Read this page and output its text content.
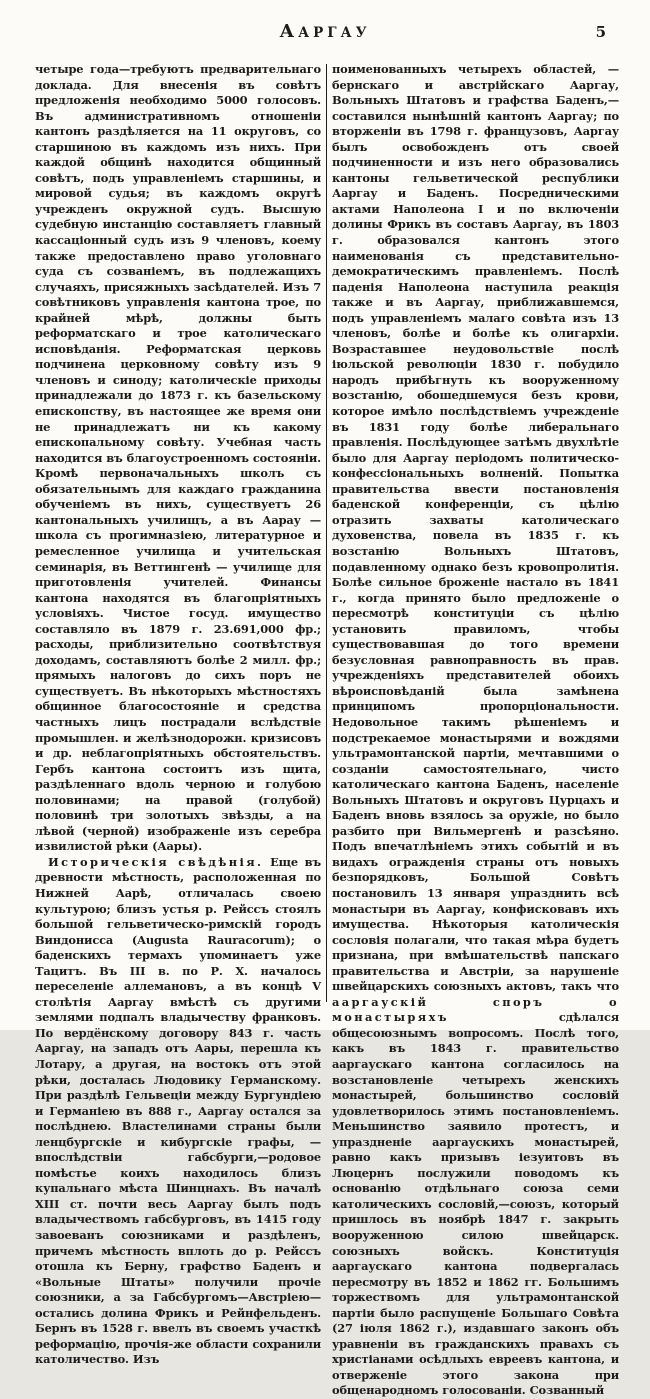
ААРГАУ	5

четыре года—требуютъ предварительнаго доклада. Для внесенія въ совѣтъ предложенія необходимо 5000 голосовъ. Въ административномъ отношеніи кантонъ раздѣляется на 11 округовъ, со старшиною въ каждомъ изъ нихъ. При каждой общинѣ находится общинный совѣтъ, подъ управленіемъ старшины, и мировой судья; въ каждомъ округѣ учрежденъ окружной судъ. Высшую судебную инстанцію составляетъ главный кассаціонный судъ изъ 9 членовъ, коему также предоставлено право уголовнаго суда съ созваніемъ, въ подлежащихъ случаяхъ, присяжныхъ засѣдателей. Изъ 7 совѣтниковъ управленія кантона трое, по крайней мѣрѣ, должны быть реформатскаго и трое католическаго исповѣданія. Реформатская церковь подчинена церковному совѣту изъ 9 членовъ и синоду; католическіе приходы принадлежали до 1873 г. къ базельскому епископству, въ настоящее же время они не принадлежатъ ни къ какому епископальному совѣту. Учебная часть находится въ благоустроенномъ состояніи. Кромѣ первоначальныхъ школъ съ обязательнымъ для каждаго гражданина обученіемъ въ нихъ, существуетъ 26 кантональныхъ училищъ, а въ Аарау — школа съ прогимназіею, литературное и ремесленное училища и учительская семинарія, въ Веттингенѣ — училище для приготовленія учителей. Финансы кантона находятся въ благопріятныхъ условіяхъ. Чистое госуд. имущество составляло въ 1879 г. 23.691,000 фр.; расходы, приблизительно соотвѣтствуя доходамъ, составляютъ болѣе 2 милл. фр.; прямыхъ налоговъ до сихъ поръ не существуетъ. Въ нѣкоторыхъ мѣстностяхъ общинное благосостояніе и средства частныхъ лицъ пострадали вслѣдствіе промышлен. и желѣзнодорожн. кризисовъ и др. неблагопріятныхъ обстоятельствъ. Гербъ кантона состоитъ изъ щита, раздѣленнаго вдоль черною и голубою половинами; на правой (голубой) половинѣ три золотыхъ звѣзды, а на лѣвой (черной) изображеніе изъ серебра извилистой рѣки (Аары).

Историческія свѣдѣнія. Еще въ древности мѣстность, расположенная по Нижней Аарѣ, отличалась своею культурою; близъ устья р. Рейссъ стоялъ большой гельветическо-римскій городъ Виндонисса (Augusta Rauracorum); о баденскихъ термахъ упоминаетъ уже Тацитъ. Въ III в. по Р. Х. началось переселеніе аллемановъ, а въ концѣ V столѣтія Ааргау вмѣстѣ съ другими землями подпалъ владычеству франковъ. По вердёнскому договору 843 г. часть Ааргау, на западъ отъ Аары, перешла къ Лотару, а другая, на востокъ отъ этой рѣки, досталась Людовику Германскому. При раздѣлѣ Гельвеціи между Бургундіею и Германіею въ 888 г., Ааргау остался за послѣднею. Властелинами страны были ленцбургскіе и кибургскіе графы, — впослѣдствіи габсбурги,—родовое помѣстье коихъ находилось близъ купальнаго мѣста Шинцнахъ. Въ началѣ XIII ст. почти весь Ааргау былъ подъ владычествомъ габсбурговъ, въ 1415 году завоеванъ союзниками и раздѣленъ, причемъ мѣстность вплоть до р. Рейссъ отошла къ Берну, графство Баденъ и «Вольные Штаты» получили прочіе союзники, а за Габсбургомъ—Австріею—остались долина Фрикъ и Рейнфельденъ. Бернъ въ 1528 г. ввелъ въ своемъ участкѣ реформацію, прочія-же области сохранили католичество. Изъ

поименованныхъ четырехъ областей, — бернскаго и австрійскаго Ааргау, Вольныхъ Штатовъ и графства Баденъ,—составился нынѣшній кантонъ Ааргау; по вторженіи въ 1798 г. французовъ, Ааргау былъ освобожденъ отъ своей подчиненности и изъ него образовались кантоны гельветической республики Ааргау и Баденъ. Посредническими актами Наполеона I и по включеніи долины Фрикъ въ составъ Ааргау, въ 1803 г. образовался кантонъ этого наименованія съ представительно-демократическимъ правленіемъ. Послѣ паденія Наполеона наступила реакція также и въ Ааргау, приближавшемся, подъ управленіемъ малаго совѣта изъ 13 членовъ, болѣе и болѣе къ олигархіи. Возраставшее неудовольствіе послѣ іюльской революціи 1830 г. побудило народъ прибѣгнуть къ вооруженному возстанію, обошедшемуся безъ крови, которое имѣло послѣдствіемъ учрежденіе въ 1831 году болѣе либеральнаго правленія. Послѣдующее затѣмъ двухлѣтіе было для Ааргау періодомъ политическо-конфессіональныхъ волненій. Попытка правительства ввести постановленія баденской конференціи, съ цѣлію отразить захваты католическаго духовенства, повела въ 1835 г. къ возстанію Вольныхъ Штатовъ, подавленному однако безъ кровопролитія. Болѣе сильное броженіе настало въ 1841 г., когда принято было предложеніе о пересмотрѣ конституціи съ цѣлію установить правиломъ, чтобы существовавшая до того времени безусловная равноправность въ прав. учрежденіяхъ представителей обоихъ вѣроисповѣданій была замѣнена принципомъ пропорціональности. Недовольное такимъ рѣшеніемъ и подстрекаемое монастырями и вождями ультрамонтанской партіи, мечтавшими о созданіи самостоятельнаго, чисто католическаго кантона Баденъ, населеніе Вольныхъ Штатовъ и округовъ Цурцахъ и Баденъ вновь взялось за оружіе, но было разбито при Вильмергенѣ и разсѣяно. Подъ впечатлѣніемъ этихъ событій и въ видахъ огражденія страны отъ новыхъ безпорядковъ, Большой Совѣтъ постановилъ 13 января упразднить всѣ монастыри въ Ааргау, конфисковавъ ихъ имущества. Нѣкоторыя католическія сословія полагали, что такая мѣра будетъ признана, при вмѣшательствѣ папскаго правительства и Австріи, за нарушеніе швейцарскихъ союзныхъ актовъ, такъ что ааргаускій споръ о монастыряхъ сдѣлался общесоюзнымъ вопросомъ. Послѣ того, какъ въ 1843 г. правительство ааргаускаго кантона согласилось на возстановленіе четырехъ женскихъ монастырей, большинство сословій удовлетворилось этимъ постановленіемъ. Меньшинство заявило протестъ, и упраздненіе ааргаускихъ монастырей, равно какъ призывъ іезуитовъ въ Люцернъ послужили поводомъ къ основанію отдѣльнаго союза семи католическихъ сословій,—союзъ, который пришлось въ ноябрѣ 1847 г. закрыть вооруженною силою швейцарск. союзныхъ войскъ. Конституція ааргаускаго кантона подвергалась пересмотру въ 1852 и 1862 гг. Большимъ торжествомъ для ультрамонтанской партіи было распущеніе Большаго Совѣта (27 іюля 1862 г.), издавшаго законъ объ уравненіи въ гражданскихъ правахъ съ христіанами осѣдлыхъ евреевъ кантона, и отверженіе этого закона при общенародномъ голосованіи. Созванный
